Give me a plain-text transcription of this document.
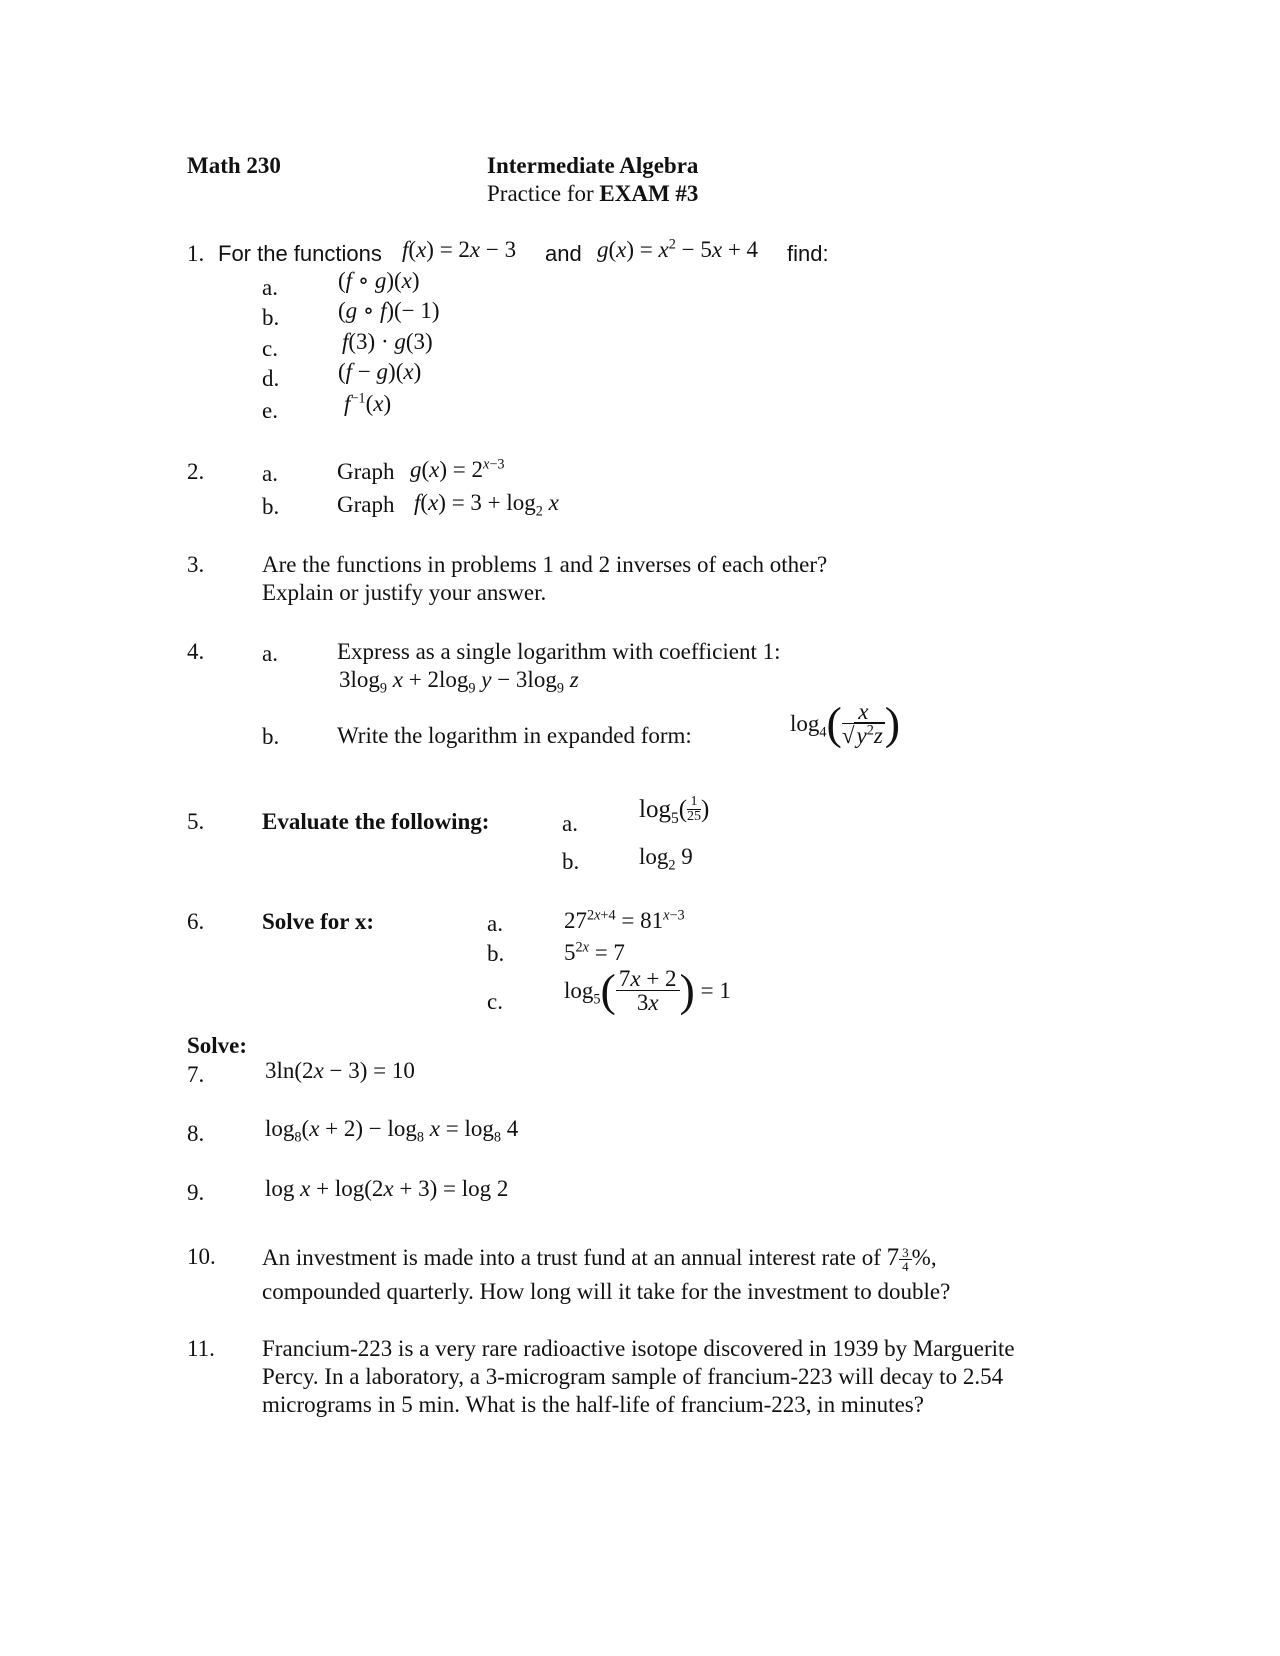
Math 230	Intermediate Algebra
Practice for EXAM #3
1. For the functions f(x) = 2x − 3 and $g(x) = x^2 - 5x + 4$ find:
a.	(f ∘ g)(x)
b.	(g ∘ f)(− 1)
c.	f(3) · g(3)
d.	(f − g)(x)
e.	$f^{-1}(x)$
2.	a.	Graph $g(x) = 2^{x-3}$
b.	Graph $f(x) = 3 + \log_2 x$
3.	Are the functions in problems 1 and 2 inverses of each other?
Explain or justify your answer.
4.	a.	Express as a single logarithm with coefficient 1:
$3\log_9$ $x + 2\log_9$ $y - 3\log_9$ z
b.	Write the logarithm in expanded form:	$\log_4( \frac{x}{√y^2z}$ )
5.	Evaluate the following:	a.
$\log_5( \frac{1}{25}$ )
b.	$\log_2 9$
6.	Solve for x:	a.	$27^{2x+4} = 81^{x-3}$
b.	$5^{2x} = 7$
c.	$\log_5( \frac{7x + 2}{3x}$ ) = 1
Solve:
7.	3ln(2x − 3) = 10
8.	$\log_8(x + 2) - \log_8 x = \log_8 4$
9.	log x + log(2x + 3) = log 2
10. An investment is made into a trust fund at an annual interest rate of $7 \frac{3}{4}$ %,
compounded quarterly. How long will it take for the investment to double?
11. Francium-223 is a very rare radioactive isotope discovered in 1939 by Marguerite
Percy. In a laboratory, a 3-microgram sample of francium-223 will decay to 2.54
micrograms in 5 min. What is the half-life of francium-223, in minutes?
